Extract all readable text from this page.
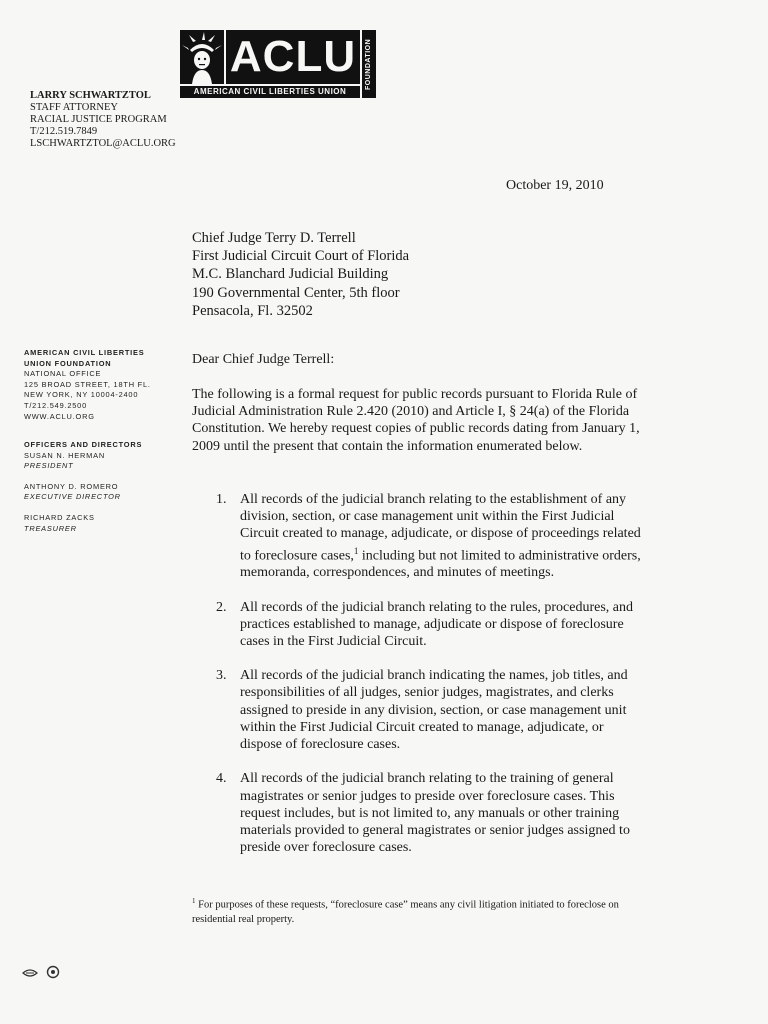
ACLU
AMERICAN CIVIL LIBERTIES UNION
FOUNDATION
LARRY SCHWARTZTOL
STAFF ATTORNEY
RACIAL JUSTICE PROGRAM
T/212.519.7849
LSCHWARTZTOL@ACLU.ORG
October 19, 2010
Chief Judge Terry D. Terrell
First Judicial Circuit Court of Florida
M.C. Blanchard Judicial Building
190 Governmental Center, 5th floor
Pensacola, Fl. 32502
AMERICAN CIVIL LIBERTIES
UNION FOUNDATION
NATIONAL OFFICE
125 BROAD STREET, 18TH FL.
NEW YORK, NY 10004-2400
T/212.549.2500
WWW.ACLU.ORG
OFFICERS AND DIRECTORS
SUSAN N. HERMAN
PRESIDENT
ANTHONY D. ROMERO
EXECUTIVE DIRECTOR
RICHARD ZACKS
TREASURER
Dear Chief Judge Terrell:
The following is a formal request for public records pursuant to Florida Rule of Judicial Administration Rule 2.420 (2010) and Article I, § 24(a) of the Florida Constitution. We hereby request copies of public records dating from January 1, 2009 until the present that contain the information enumerated below.
1. All records of the judicial branch relating to the establishment of any division, section, or case management unit within the First Judicial Circuit created to manage, adjudicate, or dispose of proceedings related to foreclosure cases,$^1$ including but not limited to administrative orders, memoranda, correspondences, and minutes of meetings.
2. All records of the judicial branch relating to the rules, procedures, and practices established to manage, adjudicate or dispose of foreclosure cases in the First Judicial Circuit.
3. All records of the judicial branch indicating the names, job titles, and responsibilities of all judges, senior judges, magistrates, and clerks assigned to preside in any division, section, or case management unit within the First Judicial Circuit created to manage, adjudicate, or dispose of foreclosure cases.
4. All records of the judicial branch relating to the training of general magistrates or senior judges to preside over foreclosure cases. This request includes, but is not limited to, any manuals or other training materials provided to general magistrates or senior judges assigned to preside over foreclosure cases.
$^1$ For purposes of these requests, “foreclosure case” means any civil litigation initiated to foreclose on residential real property.
